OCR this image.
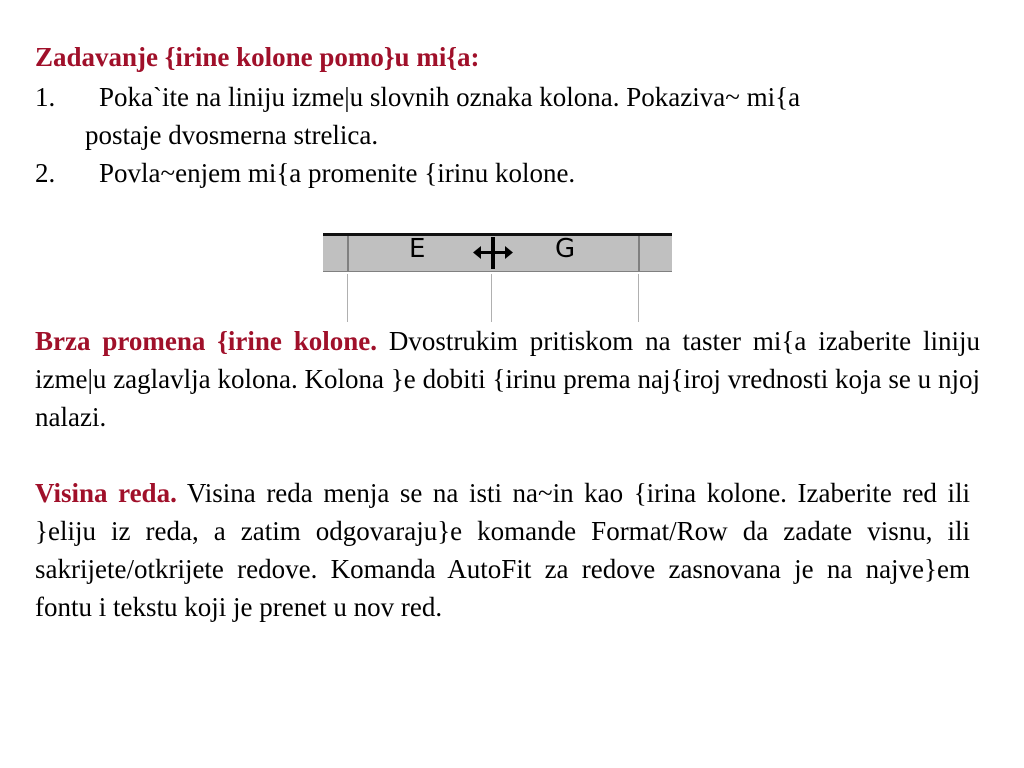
Zadavanje {irine kolone pomo}u mi{a:
1. Poka`ite na liniju izme|u slovnih oznaka kolona. Pokaziva~ mi{a
postaje dvosmerna strelica.
2. Povla~enjem mi{a promenite {irinu kolone.
E	G

Brza promena {irine kolone. Dvostrukim pritiskom na taster mi{a izaberite liniju izme|u zaglavlja kolona. Kolona }e dobiti {irinu prema naj{iroj vrednosti koja se u njoj nalazi.

Visina reda. Visina reda menja se na isti na~in kao {irina kolone. Izaberite red ili }eliju iz reda, a zatim odgovaraju}e komande Format/Row da zadate visnu, ili sakrijete/otkrijete redove. Komanda AutoFit za redove zasnovana je na najve}em fontu i tekstu koji je prenet u nov red.
